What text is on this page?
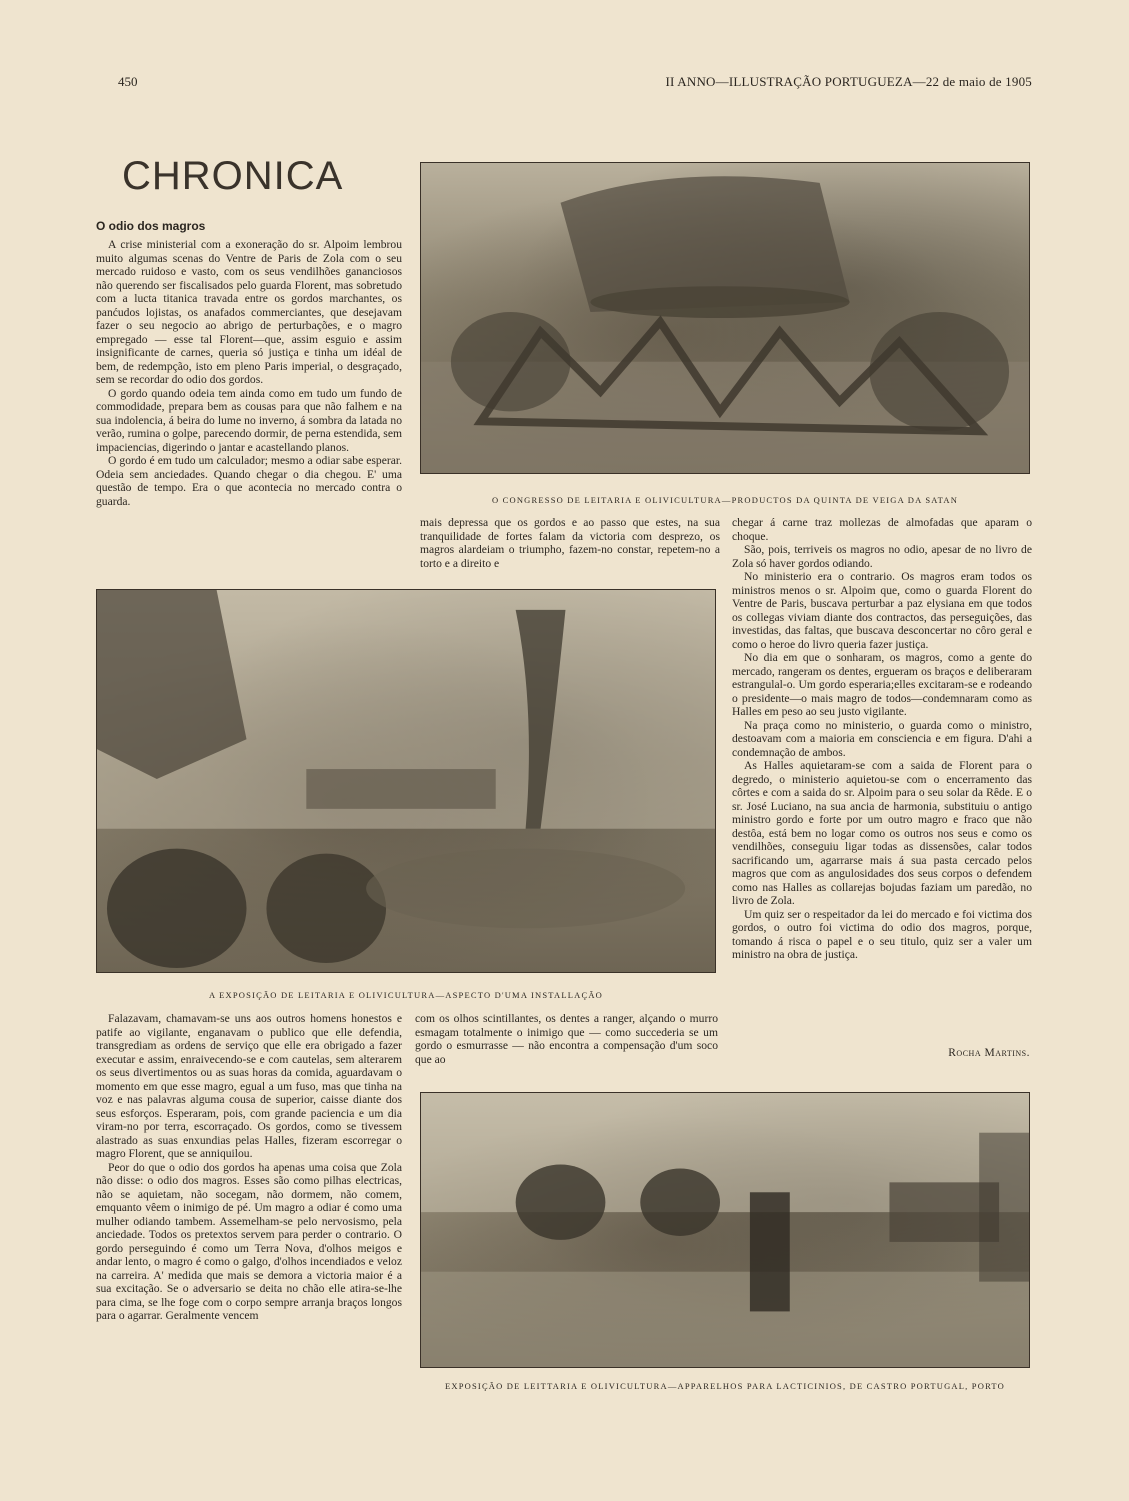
450	II ANNO—ILLUSTRAÇÃO PORTUGUEZA—22 de maio de 1905
CHRONICA
O odio dos magros

A crise ministerial com a exoneração do sr. Alpoim lembrou muito algumas scenas do Ventre de Paris de Zola com o seu mercado ruidoso e vasto, com os seus vendilhões gananciosos não querendo ser fiscalisados pelo guarda Florent, mas sobretudo com a lucta titanica travada entre os gordos marchantes, os panćudos lojistas, os anafados commerciantes, que desejavam fazer o seu negocio ao abrigo de perturbações, e o magro empregado — esse tal Florent—que, assim esguio e assim insignificante de carnes, queria só justiça e tinha um idéal de bem, de redempção, isto em pleno Paris imperial, o desgraçado, sem se recordar do odio dos gordos.

O gordo quando odeia tem ainda como em tudo um fundo de commodidade, prepara bem as cousas para que não falhem e na sua indolencia, á beira do lume no inverno, á sombra da latada no verão, rumina o golpe, parecendo dormir, de perna estendida, sem impaciencias, digerindo o jantar e acastellando planos.

O gordo é em tudo um calculador; mesmo a odiar sabe esperar. Odeia sem anciedades. Quando chegar o dia chegou. E' uma questão de tempo. Era o que acontecia no mercado contra o guarda.	O CONGRESSO DE LEITARIA E OLIVICULTURA—PRODUCTOS DA QUINTA DE VEIGA DA SATAN

mais depressa que os gordos e ao passo que estes, na sua tranquilidade de fortes falam da victoria com desprezo, os magros alardeiam o triumpho, fazem-no constar, repetem-no a torto e a direito e

chegar á carne traz mollezas de almofadas que aparam o choque.

São, pois, terriveis os magros no odio, apesar de no livro de Zola só haver gordos odiando.

No ministerio era o contrario. Os magros eram todos os ministros menos o sr. Alpoim que, como o guarda Florent do Ventre de Paris, buscava perturbar a paz elysiana em que todos os collegas viviam diante dos contractos, das perseguições, das investidas, das faltas, que buscava desconcertar no côro geral e como o heroe do livro queria fazer justiça.

No dia em que o sonharam, os magros, como a gente do mercado, rangeram os dentes, ergueram os braços e deliberaram estrangulal-o. Um gordo esperaria;elles excitaram-se e rodeando o presidente—o mais magro de todos—condemnaram como as Halles em peso ao seu justo vigilante.

Na praça como no ministerio, o guarda como o ministro, destoavam com a maioria em consciencia e em figura. D'ahi a condemnação de ambos.

As Halles aquietaram-se com a saida de Florent para o degredo, o ministerio aquietou-se com o encerramento das côrtes e com a saida do sr. Alpoim para o seu solar da Rêde. E o sr. José Luciano, na sua ancia de harmonia, substituiu o antigo ministro gordo e forte por um outro magro e fraco que não destôa, está bem no logar como os outros nos seus e como os vendilhões, conseguiu ligar todas as dissensões, calar todos sacrificando um, agarrarse mais á sua pasta cercado pelos magros que com as angulosidades dos seus corpos o defendem como nas Halles as collarejas bojudas faziam um paredão, no livro de Zola.

Um quiz ser o respeitador da lei do mercado e foi victima dos gordos, o outro foi victima do odio dos magros, porque, tomando á risca o papel e o seu titulo, quiz ser a valer um ministro na obra de justiça.

Rocha Martins.
A EXPOSIÇÃO DE LEITARIA E OLIVICULTURA—ASPECTO D'UMA INSTALLAÇÃO

Falazavam, chamavam-se uns aos outros homens honestos e patife ao vigilante, enganavam o publico que elle defendia, transgrediam as ordens de serviço que elle era obrigado a fazer executar e assim, enraivecendo-se e com cautelas, sem alterarem os seus divertimentos ou as suas horas da comida, aguardavam o momento em que esse magro, egual a um fuso, mas que tinha na voz e nas palavras alguma cousa de superior, caisse diante dos seus esforços. Esperaram, pois, com grande paciencia e um dia viram-no por terra, escorraçado. Os gordos, como se tivessem alastrado as suas enxundias pelas Halles, fizeram escorregar o magro Florent, que se anniquilou.

Peor do que o odio dos gordos ha apenas uma coisa que Zola não disse: o odio dos magros. Esses são como pilhas electricas, não se aquietam, não socegam, não dormem, não comem, emquanto vêem o inimigo de pé. Um magro a odiar é como uma mulher odiando tambem. Assemelham-se pelo nervosismo, pela anciedade. Todos os pretextos servem para perder o contrario. O gordo perseguindo é como um Terra Nova, d'olhos meigos e andar lento, o magro é como o galgo, d'olhos incendiados e veloz na carreira. A' medida que mais se demora a victoria maior é a sua excitação. Se o adversario se deita no chão elle atira-se-lhe para cima, se lhe foge com o corpo sempre arranja braços longos para o agarrar. Geralmente vencem

com os olhos scintillantes, os dentes a ranger, alçando o murro esmagam totalmente o inimigo que — como succederia se um gordo o esmurrasse — não encontra a compensação d'um soco que ao

EXPOSIÇÃO DE LEITTARIA E OLIVICULTURA—APPARELHOS PARA LACTICINIOS, DE CASTRO PORTUGAL, PORTO
